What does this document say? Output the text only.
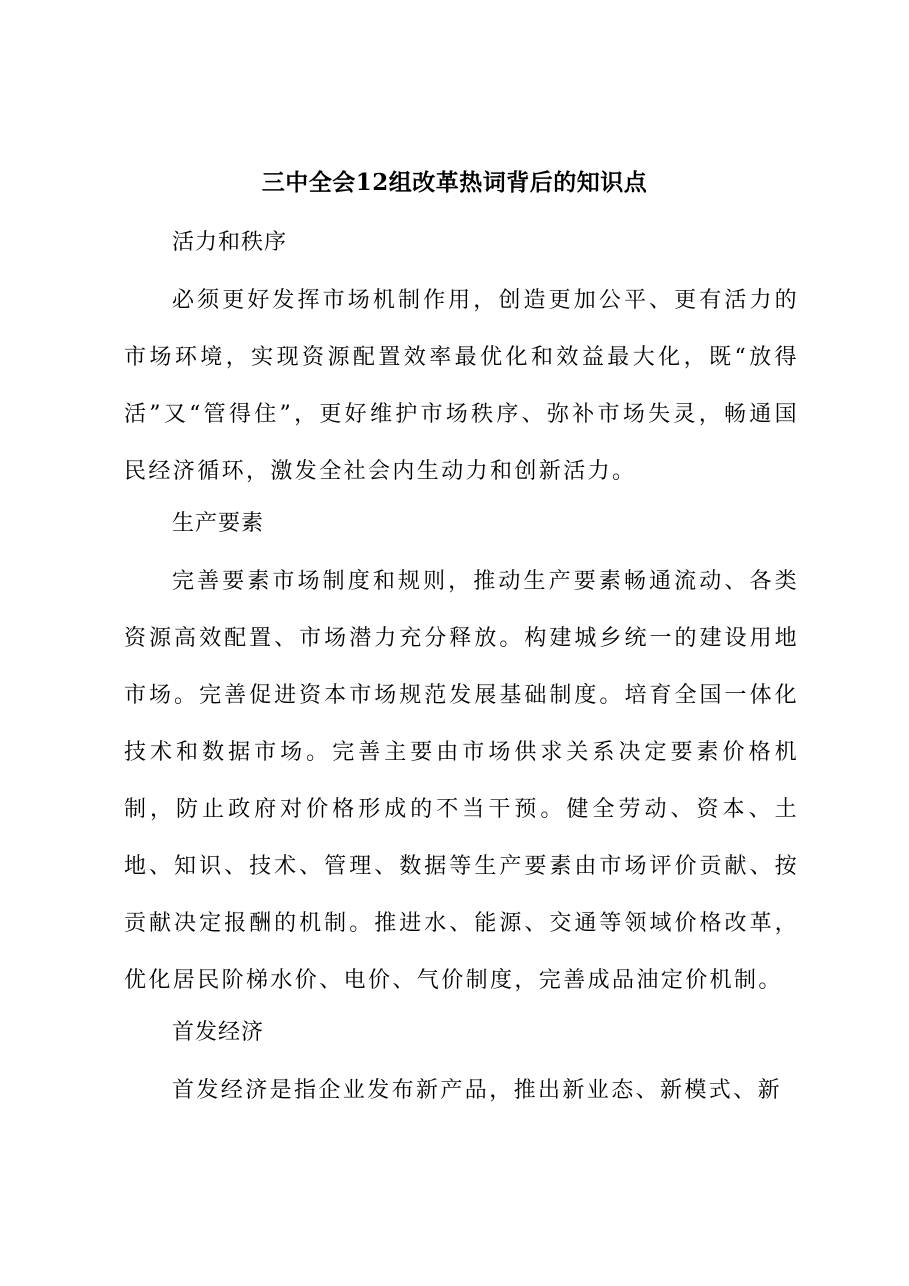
三中全会12组改革热词背后的知识点
活力和秩序

必须更好发挥市场机制作用，创造更加公平、更有活力的市场环境，实现资源配置效率最优化和效益最大化，既“放得活”又“管得住”，更好维护市场秩序、弥补市场失灵，畅通国民经济循环，激发全社会内生动力和创新活力。

生产要素

完善要素市场制度和规则，推动生产要素畅通流动、各类资源高效配置、市场潜力充分释放。构建城乡统一的建设用地市场。完善促进资本市场规范发展基础制度。培育全国一体化技术和数据市场。完善主要由市场供求关系决定要素价格机制，防止政府对价格形成的不当干预。健全劳动、资本、土地、知识、技术、管理、数据等生产要素由市场评价贡献、按贡献决定报酬的机制。推进水、能源、交通等领域价格改革，优化居民阶梯水价、电价、气价制度，完善成品油定价机制。

首发经济

首发经济是指企业发布新产品，推出新业态、新模式、新
